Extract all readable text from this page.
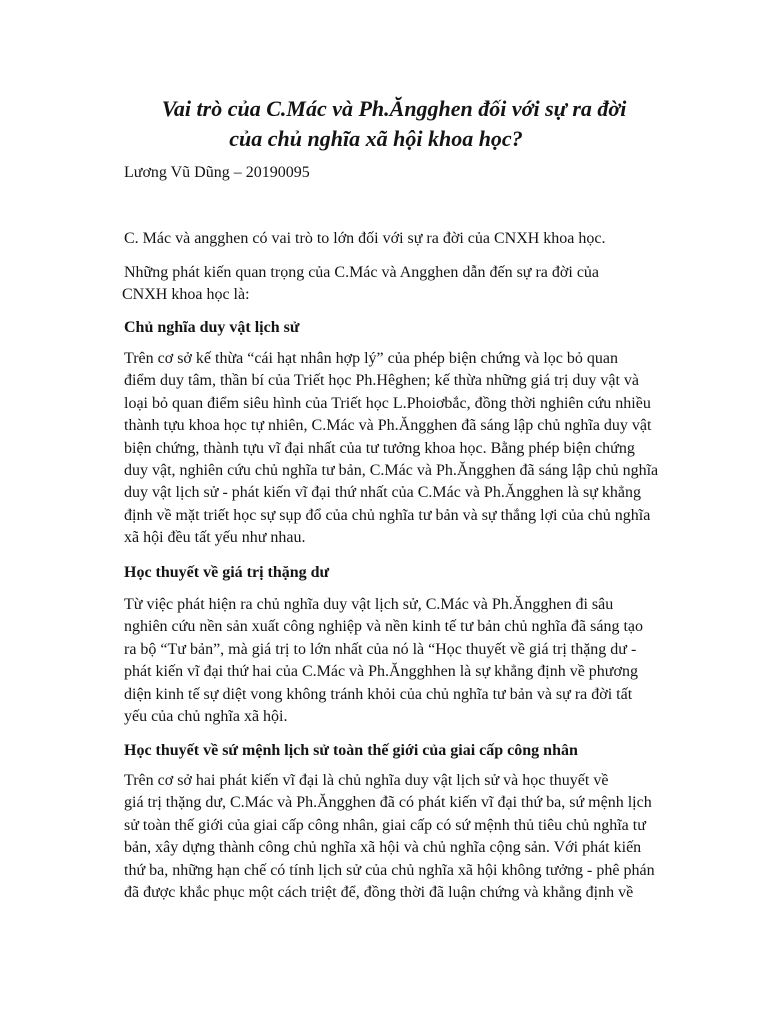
Vai trò của C.Mác và Ph.Ăngghen đối với sự ra đời

của chủ nghĩa xã hội khoa học?

Lương Vũ Dũng – 20190095

C. Mác và angghen có vai trò to lớn đối với sự ra đời của CNXH khoa học.

Những phát kiến quan trọng của C.Mác và Angghen dẫn đến sự ra đời của
CNXH khoa học là:

Chủ nghĩa duy vật lịch sử

Trên cơ sở kế thừa “cái hạt nhân hợp lý” của phép biện chứng và lọc bỏ quan
điểm duy tâm, thần bí của Triết học Ph.Hêghen; kế thừa những giá trị duy vật và
loại bỏ quan điểm siêu hình của Triết học L.Phoiơbắc, đồng thời nghiên cứu nhiều
thành tựu khoa học tự nhiên, C.Mác và Ph.Ăngghen đã sáng lập chủ nghĩa duy vật
biện chứng, thành tựu vĩ đại nhất của tư tưởng khoa học. Bằng phép biện chứng
duy vật, nghiên cứu chủ nghĩa tư bản, C.Mác và Ph.Ăngghen đã sáng lập chủ nghĩa
duy vật lịch sử - phát kiến vĩ đại thứ nhất của C.Mác và Ph.Ăngghen là sự khẳng
định về mặt triết học sự sụp đổ của chủ nghĩa tư bản và sự thắng lợi của chủ nghĩa
xã hội đều tất yếu như nhau.

Học thuyết về giá trị thặng dư

Từ việc phát hiện ra chủ nghĩa duy vật lịch sử, C.Mác và Ph.Ăngghen đi sâu
nghiên cứu nền sản xuất công nghiệp và nền kinh tế tư bản chủ nghĩa đã sáng tạo
ra bộ “Tư bản”, mà giá trị to lớn nhất của nó là “Học thuyết về giá trị thặng dư -
phát kiến vĩ đại thứ hai của C.Mác và Ph.Ăngghhen là sự khẳng định về phương
diện kinh tế sự diệt vong không tránh khỏi của chủ nghĩa tư bản và sự ra đời tất
yếu của chủ nghĩa xã hội.

Học thuyết về sứ mệnh lịch sử toàn thế giới của giai cấp công nhân

Trên cơ sở hai phát kiến vĩ đại là chủ nghĩa duy vật lịch sử và học thuyết về
giá trị thặng dư, C.Mác và Ph.Ăngghen đã có phát kiến vĩ đại thứ ba, sứ mệnh lịch
sử toàn thế giới của giai cấp công nhân, giai cấp có sứ mệnh thủ tiêu chủ nghĩa tư
bản, xây dựng thành công chủ nghĩa xã hội và chủ nghĩa cộng sản. Với phát kiến
thứ ba, những hạn chế có tính lịch sử của chủ nghĩa xã hội không tưởng - phê phán
đã được khắc phục một cách triệt để, đồng thời đã luận chứng và khẳng định về
